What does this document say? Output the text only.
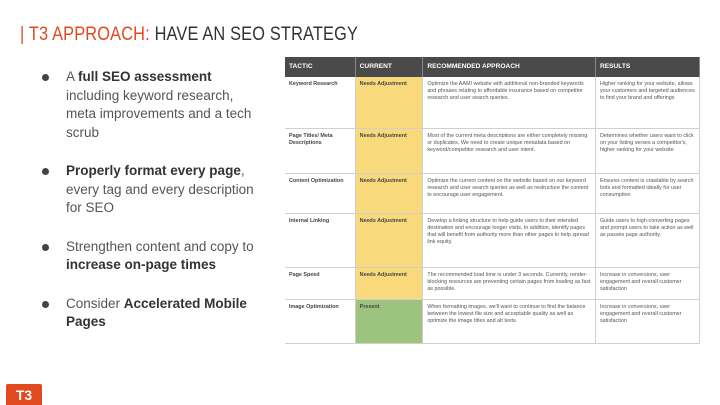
| T3 APPROACH: HAVE AN SEO STRATEGY
A full SEO assessment including keyword research, meta improvements and a tech scrub
Properly format every page, every tag and every description for SEO
Strengthen content and copy to increase on-page times
Consider Accelerated Mobile Pages
TACTIC	CURRENT	RECOMMENDED APPROACH	RESULTS
Keyword Research	Needs Adjustment	Optimize the AAMI website with additional non-branded keywords and phrases relating to affordable insurance based on competitor research and user search queries.	Higher ranking for your website, allows your customers and targeted audiences to find your brand and offerings
Page Titles/ Meta Descriptions	Needs Adjustment	Most of the current meta descriptions are either completely missing or duplicates. We need to create unique metadata based on keyword/competitor research and user intent.	Determines whether users want to click on your listing verses a competitor's, higher ranking for your website
Content Optimization	Needs Adjustment	Optimize the current content on the website based on our keyword research and user search queries as well as restructure the content to encourage user engagement.	Ensures content is crawlable by search bots and formatted ideally for user consumption
Internal Linking	Needs Adjustment	Develop a linking structure to help guide users to their intended destination and encourage longer visits. In addition, identify pages that will benefit from authority more than other pages to help spread link equity.	Guide users to high-converting pages and prompt users to take action as well as passes page authority.
Page Speed	Needs Adjustment	The recommended load time is under 3 seconds. Currently, render-blocking resources are preventing certain pages from loading as fast as possible.	Increase in conversions, user engagement and overall customer satisfaction
Image Optimization	Present	When formatting images, we'll want to continue to find the balance between the lowest file size and acceptable quality as well as optimize the image titles and alt texts.	Increase in conversions, user engagement and overall customer satisfaction
T3
